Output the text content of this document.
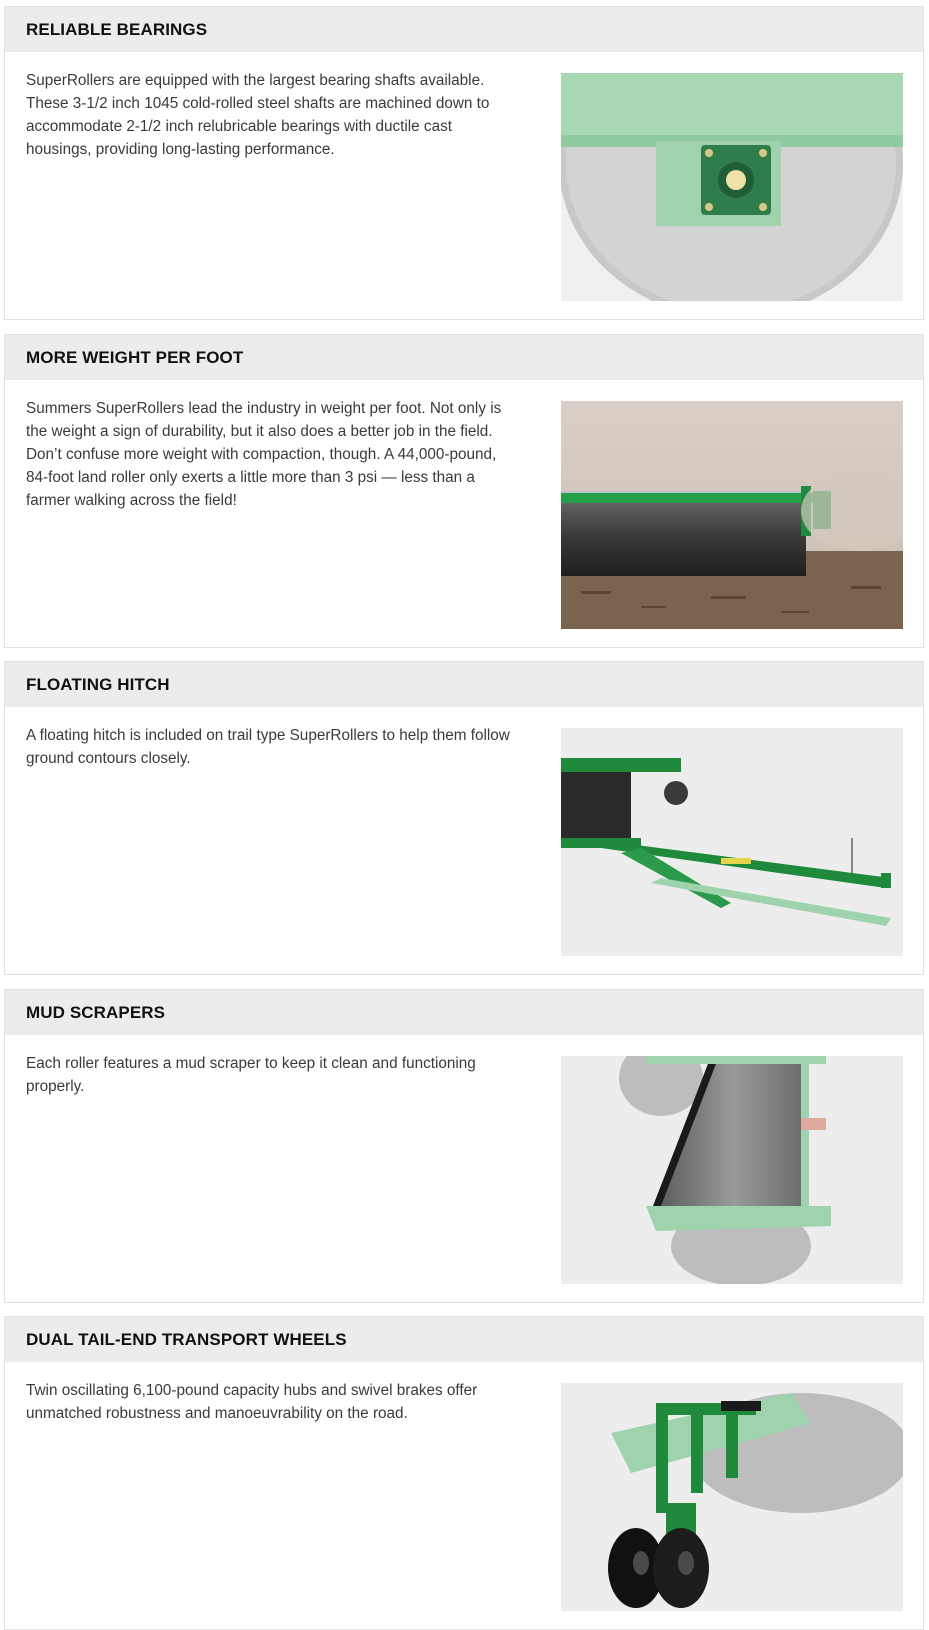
RELIABLE BEARINGS

SuperRollers are equipped with the largest bearing shafts available. These 3-1/2 inch 1045 cold-rolled steel shafts are machined down to accommodate 2-1/2 inch relubricable bearings with ductile cast housings, providing long-lasting performance.

MORE WEIGHT PER FOOT

Summers SuperRollers lead the industry in weight per foot. Not only is the weight a sign of durability, but it also does a better job in the field. Don’t confuse more weight with compaction, though. A 44,000-pound, 84-foot land roller only exerts a little more than 3 psi — less than a farmer walking across the field!

FLOATING HITCH

A floating hitch is included on trail type SuperRollers to help them follow ground contours closely.

MUD SCRAPERS

Each roller features a mud scraper to keep it clean and functioning properly.

DUAL TAIL-END TRANSPORT WHEELS

Twin oscillating 6,100-pound capacity hubs and swivel brakes offer unmatched robustness and manoeuvrability on the road.
